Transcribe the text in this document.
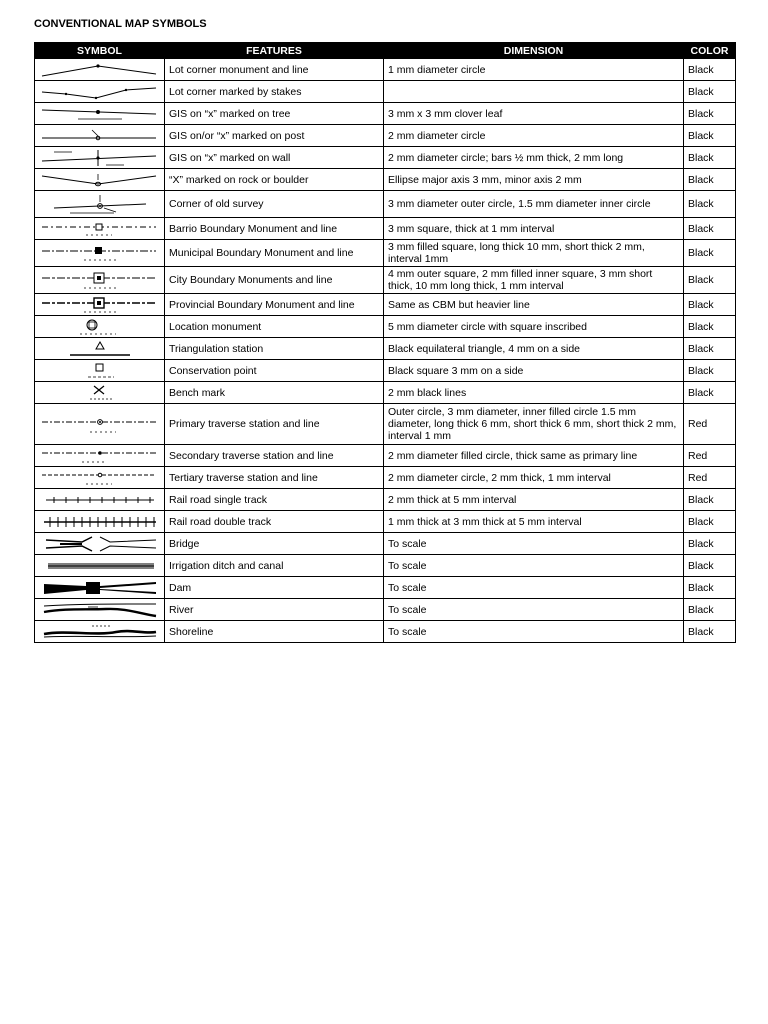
CONVENTIONAL MAP SYMBOLS
SYMBOL	FEATURES	DIMENSION	COLOR

	Lot corner monument and line	1 mm diameter circle	Black

	Lot corner marked by stakes		Black

	GIS on “x” marked on tree	3 mm x 3 mm clover leaf	Black

	GIS on/or “x” marked on post	2 mm diameter circle	Black

	GIS on “x” marked on wall	2 mm diameter circle; bars ½ mm thick, 2 mm long	Black

	“X” marked on rock or boulder	Ellipse major axis 3 mm, minor axis 2 mm	Black

	Corner of old survey	3 mm diameter outer circle, 1.5 mm diameter inner circle	Black

	Barrio Boundary Monument and line	3 mm square, thick at 1 mm interval	Black

	Municipal Boundary Monument and line	3 mm filled square, long thick 10 mm, short thick 2 mm, interval 1mm	Black

	City Boundary Monuments and line	4 mm outer square, 2 mm filled inner square, 3 mm short thick, 10 mm long thick, 1 mm interval	Black

	Provincial Boundary Monument and line	Same as CBM but heavier line	Black

	Location monument	5 mm diameter circle with square inscribed	Black

	Triangulation station	Black equilateral triangle, 4 mm on a side	Black

	Conservation point	Black square 3 mm on a side	Black

	Bench mark	2 mm black lines	Black

	Primary traverse station and line	Outer circle, 3 mm diameter, inner filled circle 1.5 mm diameter, long thick 6 mm, short thick 6 mm, short thick 2 mm, interval 1 mm	Red

	Secondary traverse station and line	2 mm diameter filled circle, thick same as primary line	Red

	Tertiary traverse station and line	2 mm diameter circle, 2 mm thick, 1 mm interval	Red

	Rail road single track	2 mm thick at 5 mm interval	Black

	Rail road double track	1 mm thick at 3 mm thick at 5 mm interval	Black

	Bridge	To scale	Black

	Irrigation ditch and canal	To scale	Black

	Dam	To scale	Black

	River	To scale	Black

	Shoreline	To scale	Black
